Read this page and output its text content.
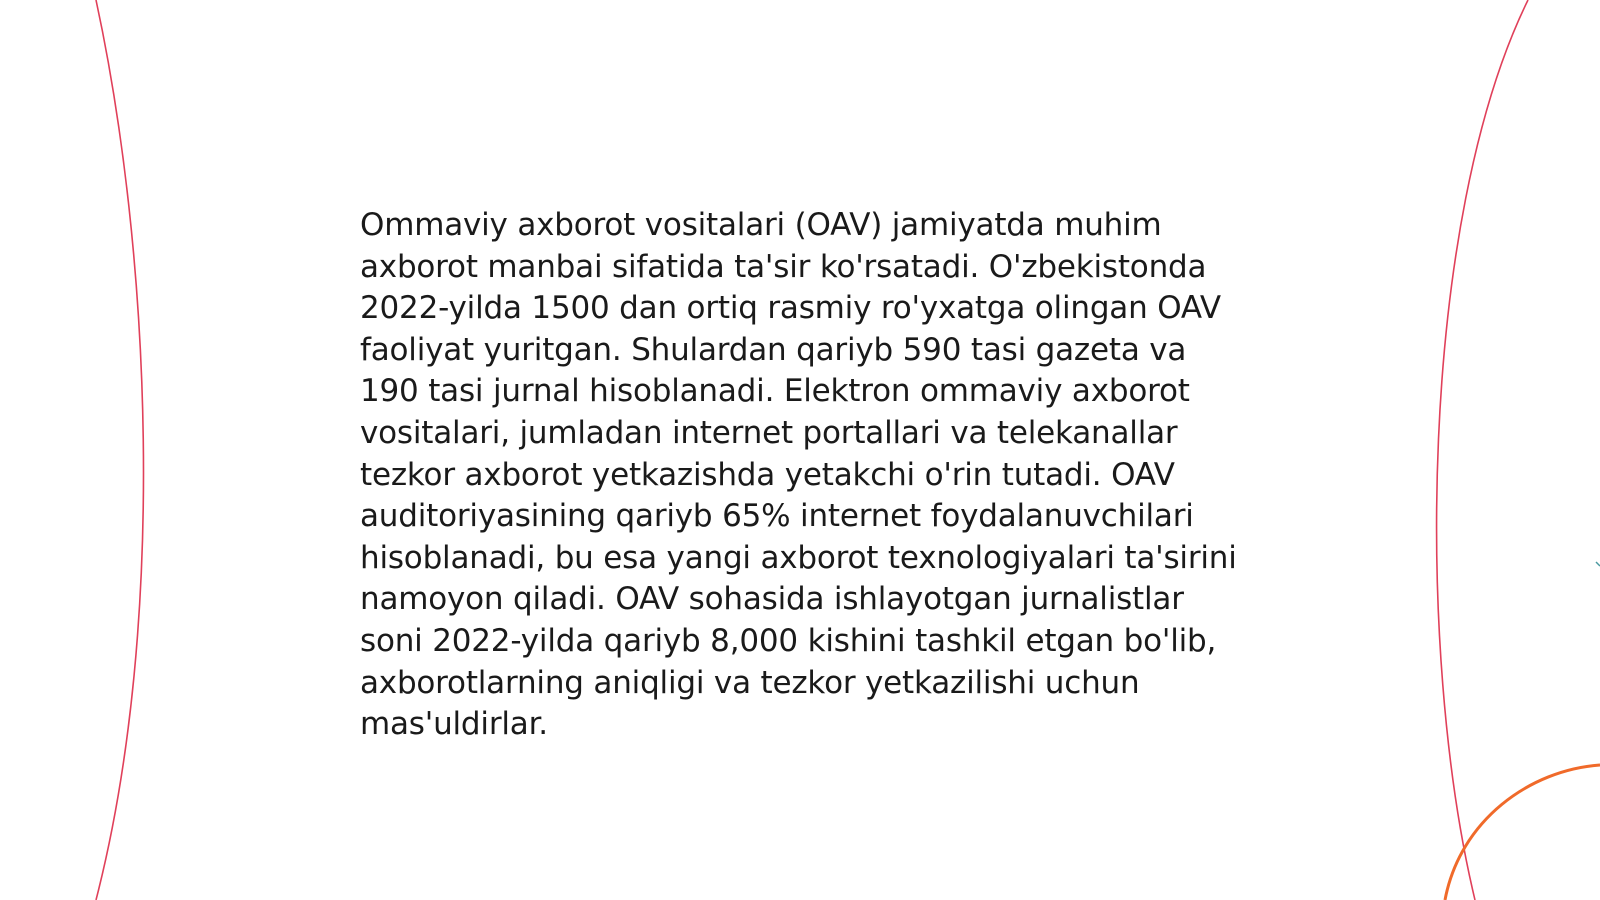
Ommaviy axborot vositalari (OAV) jamiyatda muhim axborot manbai sifatida ta'sir ko'rsatadi. O'zbekistonda 2022-yilda 1500 dan ortiq rasmiy ro'yxatga olingan OAV faoliyat yuritgan. Shulardan qariyb 590 tasi gazeta va 190 tasi jurnal hisoblanadi. Elektron ommaviy axborot vositalari, jumladan internet portallari va telekanallar tezkor axborot yetkazishda yetakchi o'rin tutadi. OAV auditoriyasining qariyb 65% internet foydalanuvchilari hisoblanadi, bu esa yangi axborot texnologiyalari ta'sirini namoyon qiladi. OAV sohasida ishlayotgan jurnalistlar soni 2022-yilda qariyb 8,000 kishini tashkil etgan bo'lib, axborotlarning aniqligi va tezkor yetkazilishi uchun mas'uldirlar.
